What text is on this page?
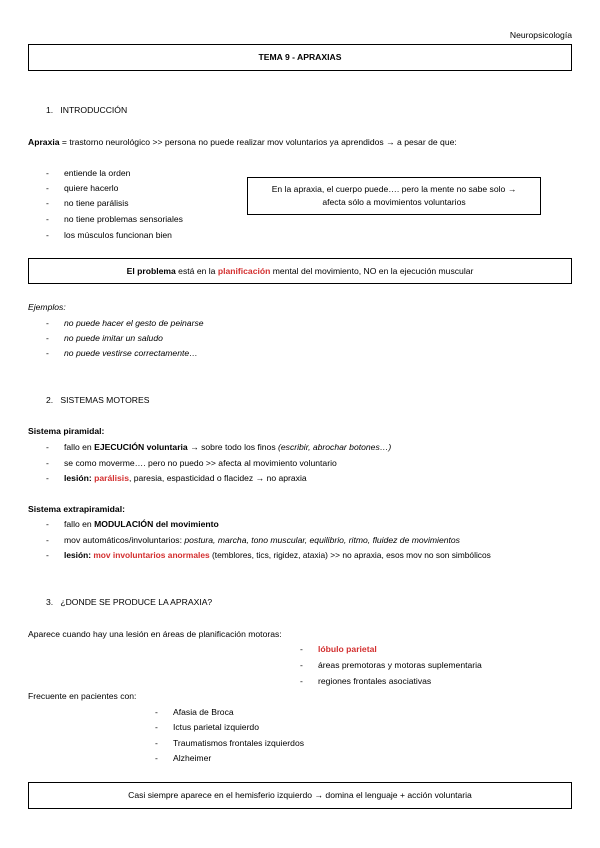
Neuropsicología
TEMA 9 - APRAXIAS
1. INTRODUCCIÓN
Apraxia = trastorno neurológico >> persona no puede realizar mov voluntarios ya aprendidos → a pesar de que:
- entiende la orden
- quiere hacerlo
- no tiene parálisis
- no tiene problemas sensoriales
- los músculos funcionan bien
En la apraxia, el cuerpo puede…. pero la mente no sabe solo →
afecta sólo a movimientos voluntarios
El problema está en la planificación mental del movimiento, NO en la ejecución muscular
Ejemplos:
- no puede hacer el gesto de peinarse
- no puede imitar un saludo
- no puede vestirse correctamente…
2. SISTEMAS MOTORES
Sistema piramidal:
- fallo en EJECUCIÓN voluntaria → sobre todo los finos (escribir, abrochar botones…)
- se como moverme…. pero no puedo >> afecta al movimiento voluntario
- lesión: parálisis, paresia, espasticidad o flacidez → no apraxia
Sistema extrapiramidal:
- fallo en MODULACIÓN del movimiento
- mov automáticos/involuntarios: postura, marcha, tono muscular, equilibrio, ritmo, fluidez de movimientos
- lesión: mov involuntarios anormales (temblores, tics, rigidez, ataxia) >> no apraxia, esos mov no son simbólicos
3. ¿DONDE SE PRODUCE LA APRAXIA?
Aparece cuando hay una lesión en áreas de planificación motoras:
- lóbulo parietal
- áreas premotoras y motoras suplementaria
- regiones frontales asociativas
Frecuente en pacientes con:
- Afasia de Broca
- Ictus parietal izquierdo
- Traumatismos frontales izquierdos
- Alzheimer
Casi siempre aparece en el hemisferio izquierdo → domina el lenguaje + acción voluntaria
